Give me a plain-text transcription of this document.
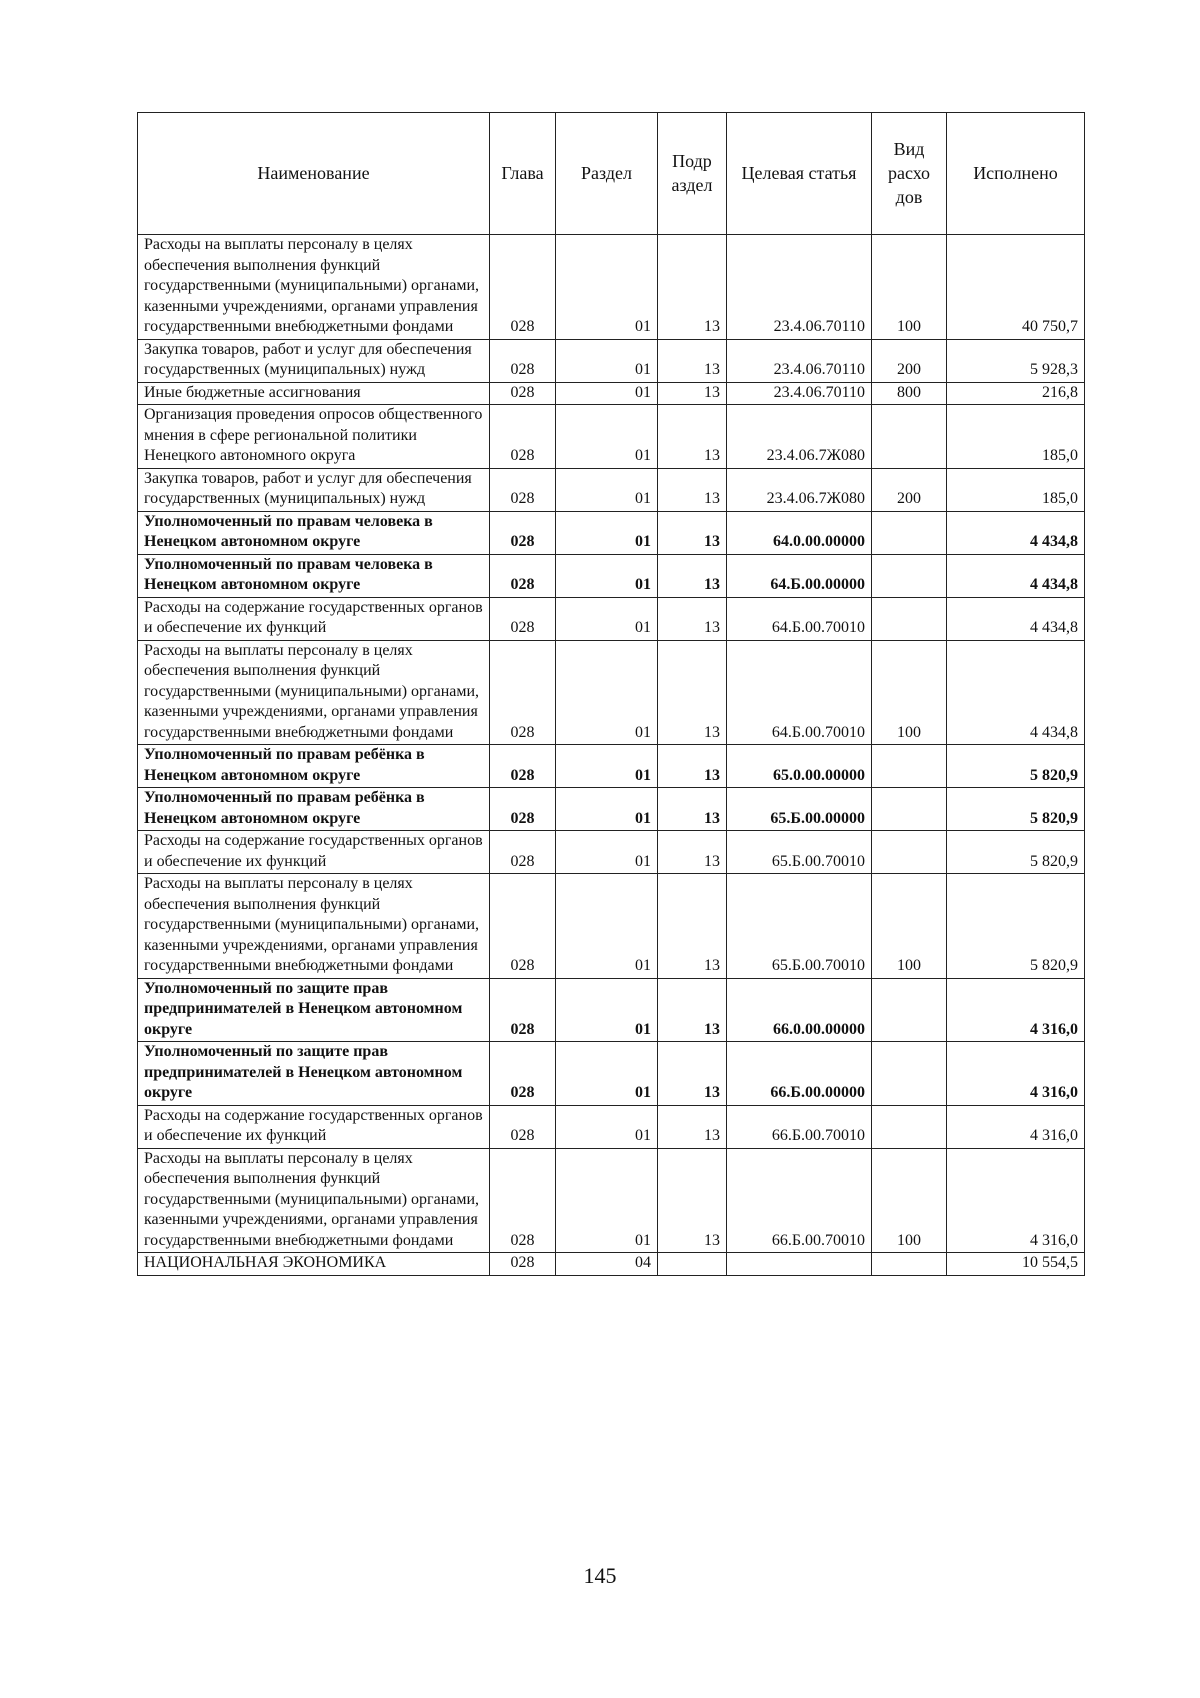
Наименование	Глава	Раздел	Подр аздел	Целевая статья	Вид расхо дов	Исполнено
Расходы на выплаты персоналу в целях обеспечения выполнения функций государственными (муниципальными) органами, казенными учреждениями, органами управления государственными внебюджетными фондами	028	01	13	23.4.06.70110	100	40 750,7
Закупка товаров, работ и услуг для обеспечения государственных (муниципальных) нужд	028	01	13	23.4.06.70110	200	5 928,3
Иные бюджетные ассигнования	028	01	13	23.4.06.70110	800	216,8
Организация проведения опросов общественного мнения в сфере региональной политики Ненецкого автономного округа	028	01	13	23.4.06.7Ж080		185,0
Закупка товаров, работ и услуг для обеспечения государственных (муниципальных) нужд	028	01	13	23.4.06.7Ж080	200	185,0
Уполномоченный по правам человека в Ненецком автономном округе	028	01	13	64.0.00.00000		4 434,8
Уполномоченный по правам человека в Ненецком автономном округе	028	01	13	64.Б.00.00000		4 434,8
Расходы на содержание государственных органов и обеспечение их функций	028	01	13	64.Б.00.70010		4 434,8
Расходы на выплаты персоналу в целях обеспечения выполнения функций государственными (муниципальными) органами, казенными учреждениями, органами управления государственными внебюджетными фондами	028	01	13	64.Б.00.70010	100	4 434,8
Уполномоченный по правам ребёнка в Ненецком автономном округе	028	01	13	65.0.00.00000		5 820,9
Уполномоченный по правам ребёнка в Ненецком автономном округе	028	01	13	65.Б.00.00000		5 820,9
Расходы на содержание государственных органов и обеспечение их функций	028	01	13	65.Б.00.70010		5 820,9
Расходы на выплаты персоналу в целях обеспечения выполнения функций государственными (муниципальными) органами, казенными учреждениями, органами управления государственными внебюджетными фондами	028	01	13	65.Б.00.70010	100	5 820,9
Уполномоченный по защите прав предпринимателей в Ненецком автономном округе	028	01	13	66.0.00.00000		4 316,0
Уполномоченный по защите прав предпринимателей в Ненецком автономном округе	028	01	13	66.Б.00.00000		4 316,0
Расходы на содержание государственных органов и обеспечение их функций	028	01	13	66.Б.00.70010		4 316,0
Расходы на выплаты персоналу в целях обеспечения выполнения функций государственными (муниципальными) органами, казенными учреждениями, органами управления государственными внебюджетными фондами	028	01	13	66.Б.00.70010	100	4 316,0
НАЦИОНАЛЬНАЯ ЭКОНОМИКА	028	04				10 554,5
145
